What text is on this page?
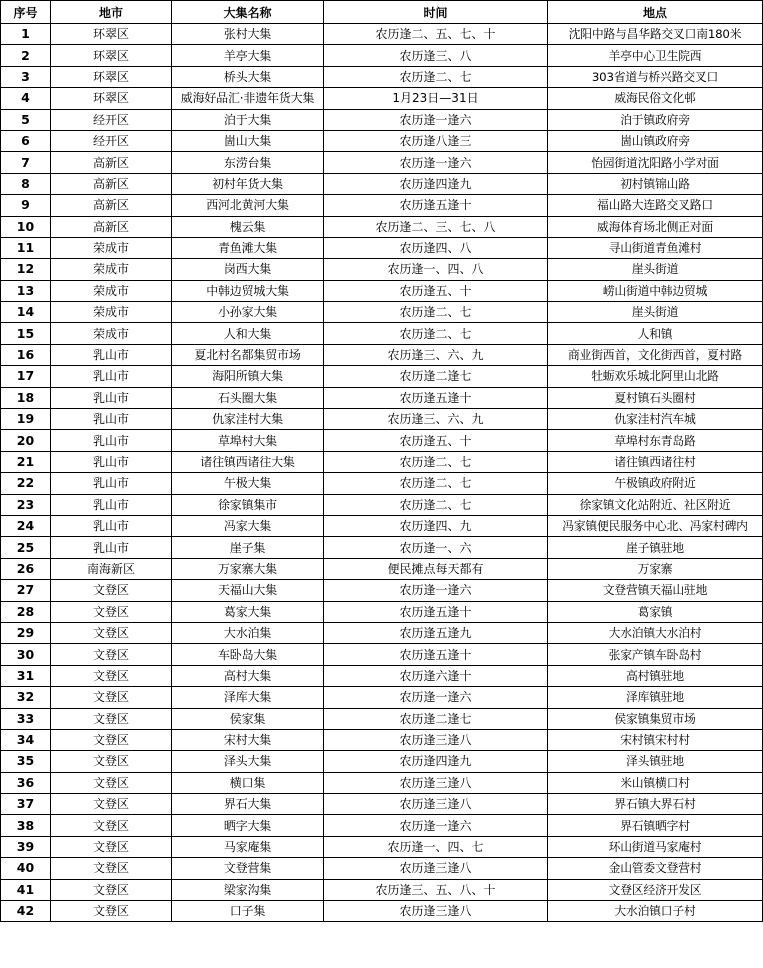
序号	地市	大集名称	时间	地点
1	环翠区	张村大集	农历逢二、五、七、十	沈阳中路与昌华路交叉口南180米
2	环翠区	羊亭大集	农历逢三、八	羊亭中心卫生院西
3	环翠区	桥头大集	农历逢二、七	303省道与桥兴路交叉口
4	环翠区	威海好品汇·非遗年货大集	1月23日—31日	威海民俗文化邨
5	经开区	泊于大集	农历逢一逢六	泊于镇政府旁
6	经开区	崮山大集	农历逢八逢三	崮山镇政府旁
7	高新区	东涝台集	农历逢一逢六	怡园街道沈阳路小学对面
8	高新区	初村年货大集	农历逢四逢九	初村镇锦山路
9	高新区	西河北黄河大集	农历逢五逢十	福山路大连路交叉路口
10	高新区	槐云集	农历逢二、三、七、八	威海体育场北侧正对面
11	荣成市	青鱼滩大集	农历逢四、八	寻山街道青鱼滩村
12	荣成市	岗西大集	农历逢一、四、八	崖头街道
13	荣成市	中韩边贸城大集	农历逢五、十	崂山街道中韩边贸城
14	荣成市	小孙家大集	农历逢二、七	崖头街道
15	荣成市	人和大集	农历逢二、七	人和镇
16	乳山市	夏北村名都集贸市场	农历逢三、六、九	商业街西首，文化街西首，夏村路
17	乳山市	海阳所镇大集	农历逢二逢七	牡蛎欢乐城北阿里山北路
18	乳山市	石头圈大集	农历逢五逢十	夏村镇石头圈村
19	乳山市	仇家洼村大集	农历逢三、六、九	仇家洼村汽车城
20	乳山市	草埠村大集	农历逢五、十	草埠村东青岛路
21	乳山市	诸往镇西诸往大集	农历逢二、七	诸往镇西诸往村
22	乳山市	午极大集	农历逢二、七	午极镇政府附近
23	乳山市	徐家镇集市	农历逢二、七	徐家镇文化站附近、社区附近
24	乳山市	冯家大集	农历逢四、九	冯家镇便民服务中心北、冯家村碑内
25	乳山市	崖子集	农历逢一、六	崖子镇驻地
26	南海新区	万家寨大集	便民摊点每天都有	万家寨
27	文登区	天福山大集	农历逢一逢六	文登营镇天福山驻地
28	文登区	葛家大集	农历逢五逢十	葛家镇
29	文登区	大水泊集	农历逢五逢九	大水泊镇大水泊村
30	文登区	车卧岛大集	农历逢五逢十	张家产镇车卧岛村
31	文登区	高村大集	农历逢六逢十	高村镇驻地
32	文登区	泽库大集	农历逢一逢六	泽库镇驻地
33	文登区	侯家集	农历逢二逢七	侯家镇集贸市场
34	文登区	宋村大集	农历逢三逢八	宋村镇宋村村
35	文登区	泽头大集	农历逢四逢九	泽头镇驻地
36	文登区	横口集	农历逢三逢八	米山镇横口村
37	文登区	界石大集	农历逢三逢八	界石镇大界石村
38	文登区	晒字大集	农历逢一逢六	界石镇晒字村
39	文登区	马家庵集	农历逢一、四、七	环山街道马家庵村
40	文登区	文登营集	农历逢三逢八	金山管委文登营村
41	文登区	梁家沟集	农历逢三、五、八、十	文登区经济开发区
42	文登区	口子集	农历逢三逢八	大水泊镇口子村
